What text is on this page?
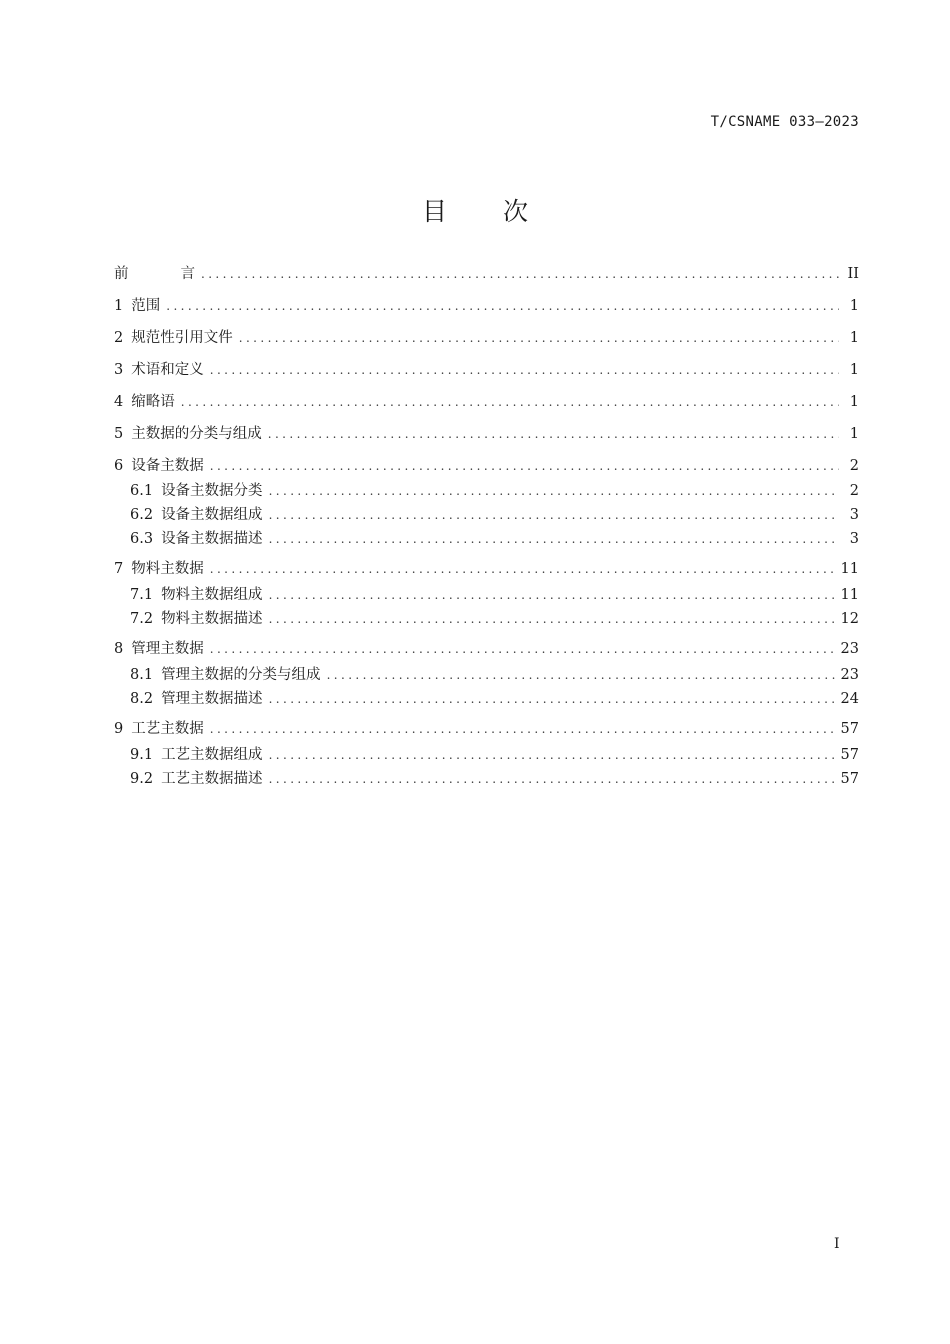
T/CSNAME 033—2023
目 次
前	言 .....	II
1 范围 .....	1
2 规范性引用文件 .....	1
3 术语和定义 .....	1
4 缩略语 .....	1
5 主数据的分类与组成 .....	1
6 设备主数据 .....	2
6.1 设备主数据分类 .....	2
6.2 设备主数据组成 .....	3
6.3 设备主数据描述 .....	3
7 物料主数据 .....	11
7.1 物料主数据组成 .....	11
7.2 物料主数据描述 .....	12
8 管理主数据 .....	23
8.1 管理主数据的分类与组成 .....	23
8.2 管理主数据描述 .....	24
9 工艺主数据 .....	57
9.1 工艺主数据组成 .....	57
9.2 工艺主数据描述 .....	57
I
